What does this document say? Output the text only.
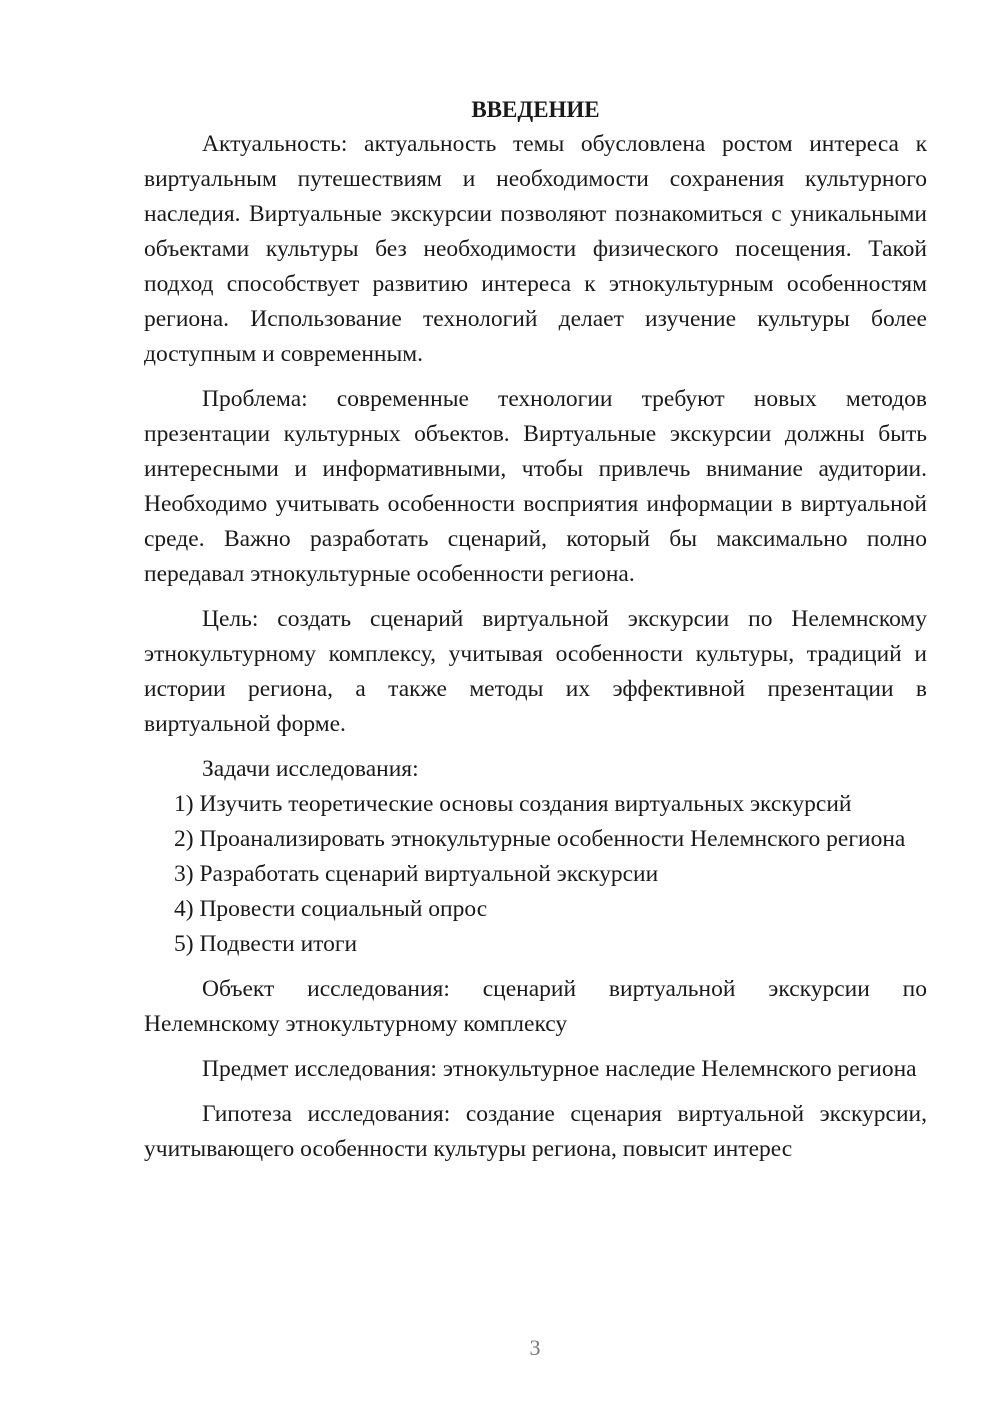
ВВЕДЕНИЕ

Актуальность: актуальность темы обусловлена ростом интереса к виртуальным путешествиям и необходимости сохранения культурного наследия. Виртуальные экскурсии позволяют познакомиться с уникальными объектами культуры без необходимости физического посещения. Такой подход способствует развитию интереса к этнокультурным особенностям региона. Использование технологий делает изучение культуры более доступным и современным.

Проблема: современные технологии требуют новых методов презентации культурных объектов. Виртуальные экскурсии должны быть интересными и информативными, чтобы привлечь внимание аудитории. Необходимо учитывать особенности восприятия информации в виртуальной среде. Важно разработать сценарий, который бы максимально полно передавал этнокультурные особенности региона.

Цель: создать сценарий виртуальной экскурсии по Нелемнскому этнокультурному комплексу, учитывая особенности культуры, традиций и истории региона, а также методы их эффективной презентации в виртуальной форме.

Задачи исследования:

1) Изучить теоретические основы создания виртуальных экскурсий

2) Проанализировать этнокультурные особенности Нелемнского региона

3) Разработать сценарий виртуальной экскурсии

4) Провести социальный опрос

5) Подвести итоги

Объект исследования: сценарий виртуальной экскурсии по Нелемнскому этнокультурному комплексу

Предмет исследования: этнокультурное наследие Нелемнского региона

Гипотеза исследования: создание сценария виртуальной экскурсии, учитывающего особенности культуры региона, повысит интерес

3
